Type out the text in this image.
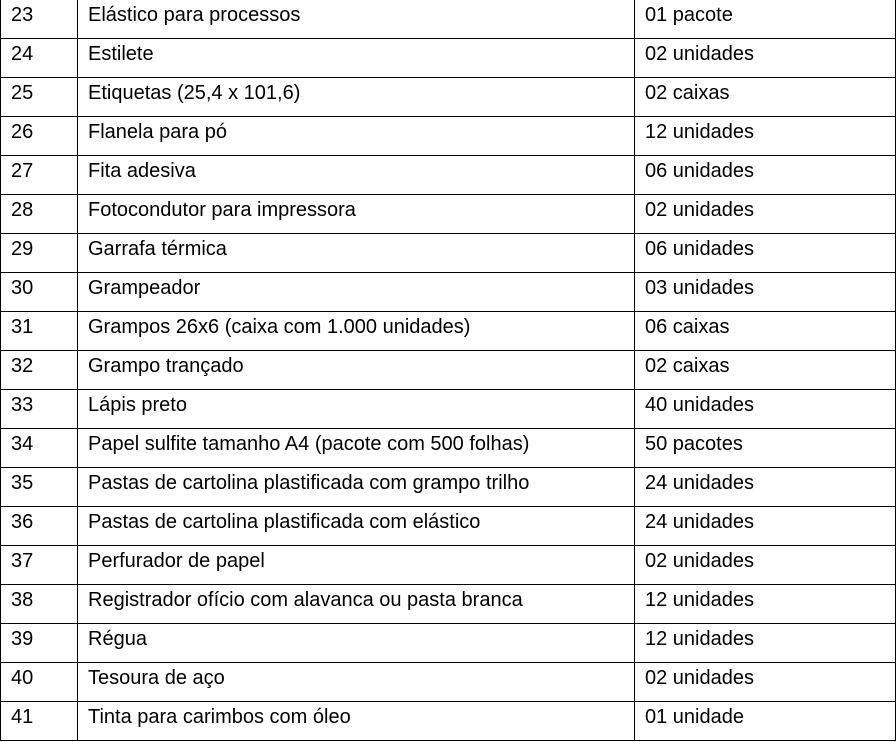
23	Elástico para processos	01 pacote
24	Estilete	02 unidades
25	Etiquetas (25,4 x 101,6)	02 caixas
26	Flanela para pó	12 unidades
27	Fita adesiva	06 unidades
28	Fotocondutor para impressora	02 unidades
29	Garrafa térmica	06 unidades
30	Grampeador	03 unidades
31	Grampos 26x6 (caixa com 1.000 unidades)	06 caixas
32	Grampo trançado	02 caixas
33	Lápis preto	40 unidades
34	Papel sulfite tamanho A4 (pacote com 500 folhas)	50 pacotes
35	Pastas de cartolina plastificada com grampo trilho	24 unidades
36	Pastas de cartolina plastificada com elástico	24 unidades
37	Perfurador de papel	02 unidades
38	Registrador ofício com alavanca ou pasta branca	12 unidades
39	Régua	12 unidades
40	Tesoura de aço	02 unidades
41	Tinta para carimbos com óleo	01 unidade
